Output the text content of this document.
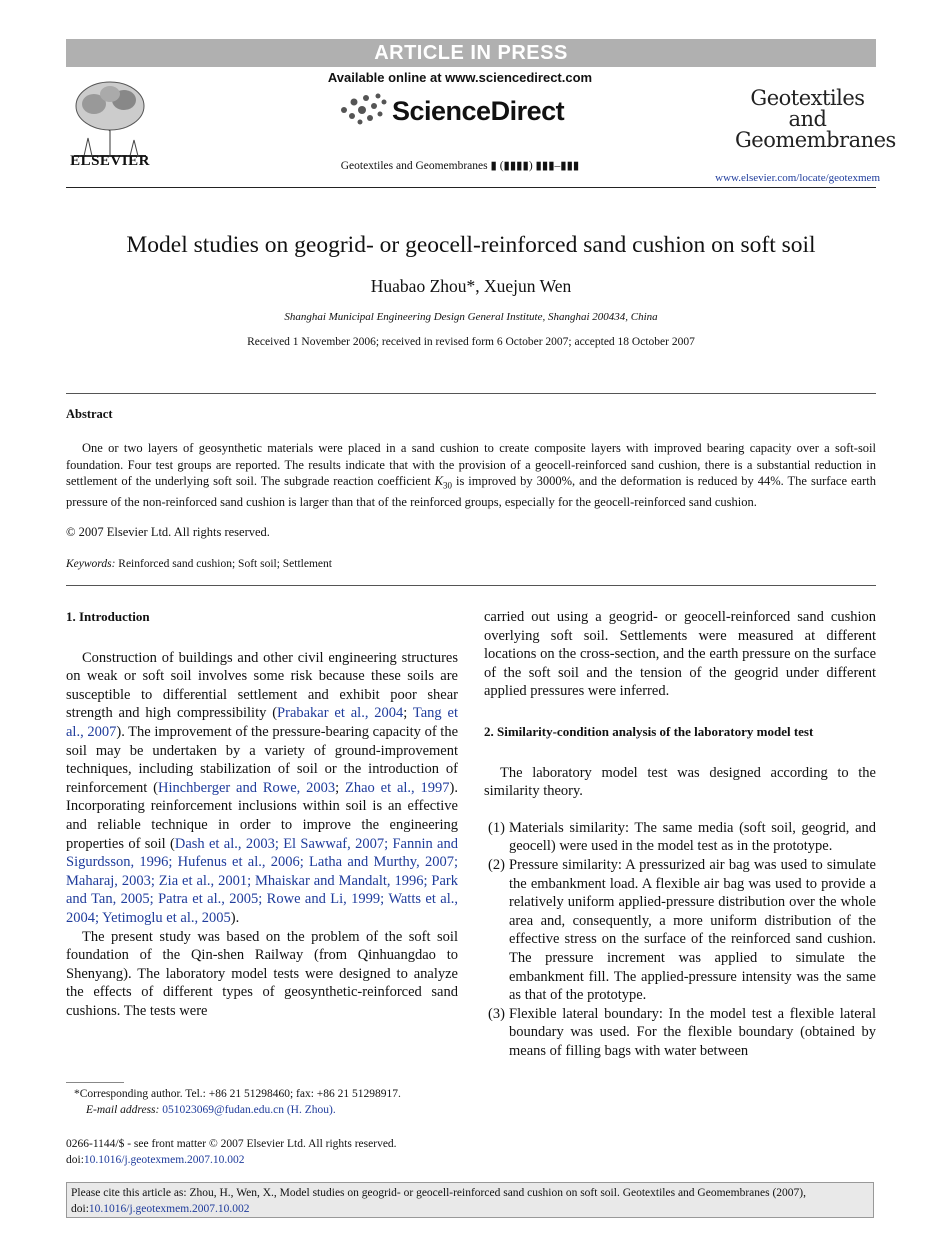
ARTICLE IN PRESS
ELSEVIER
Available online at www.sciencedirect.com
ScienceDirect
Geotextiles and Geomembranes ▮ (▮▮▮▮) ▮▮▮–▮▮▮
Geotextiles
and
Geomembranes
www.elsevier.com/locate/geotexmem
Model studies on geogrid- or geocell-reinforced sand cushion on soft soil
Huabao Zhou*, Xuejun Wen
Shanghai Municipal Engineering Design General Institute, Shanghai 200434, China
Received 1 November 2006; received in revised form 6 October 2007; accepted 18 October 2007
Abstract
One or two layers of geosynthetic materials were placed in a sand cushion to create composite layers with improved bearing capacity over a soft-soil foundation. Four test groups are reported. The results indicate that with the provision of a geocell-reinforced sand cushion, there is a substantial reduction in settlement of the underlying soft soil. The subgrade reaction coefficient $K_{30}$ is improved by 3000%, and the deformation is reduced by 44%. The surface earth pressure of the non-reinforced sand cushion is larger than that of the reinforced groups, especially for the geocell-reinforced sand cushion.
© 2007 Elsevier Ltd. All rights reserved.
Keywords: Reinforced sand cushion; Soft soil; Settlement
1. Introduction

Construction of buildings and other civil engineering structures on weak or soft soil involves some risk because these soils are susceptible to differential settlement and exhibit poor shear strength and high compressibility (Prabakar et al., 2004; Tang et al., 2007). The improvement of the pressure-bearing capacity of the soil may be undertaken by a variety of ground-improvement techniques, including stabilization of soil or the introduction of reinforcement (Hinchberger and Rowe, 2003; Zhao et al., 1997). Incorporating reinforcement inclusions within soil is an effective and reliable technique in order to improve the engineering properties of soil (Dash et al., 2003; El Sawwaf, 2007; Fannin and Sigurdsson, 1996; Hufenus et al., 2006; Latha and Murthy, 2007; Maharaj, 2003; Zia et al., 2001; Mhaiskar and Mandalt, 1996; Park and Tan, 2005; Patra et al., 2005; Rowe and Li, 1999; Watts et al., 2004; Yetimoglu et al., 2005).

The present study was based on the problem of the soft soil foundation of the Qin-shen Railway (from Qinhuangdao to Shenyang). The laboratory model tests were designed to analyze the effects of different types of geosynthetic-reinforced sand cushions. The tests were

carried out using a geogrid- or geocell-reinforced sand cushion overlying soft soil. Settlements were measured at different locations on the cross-section, and the earth pressure on the surface of the soft soil and the tension of the geogrid under different applied pressures were inferred.

2. Similarity-condition analysis of the laboratory model test

The laboratory model test was designed according to the similarity theory.

(1) Materials similarity: The same media (soft soil, geogrid, and geocell) were used in the model test as in the prototype.
(2) Pressure similarity: A pressurized air bag was used to simulate the embankment load. A flexible air bag was used to provide a relatively uniform applied-pressure distribution over the whole area and, consequently, a more uniform distribution of the effective stress on the surface of the reinforced sand cushion. The pressure increment was applied to simulate the embankment fill. The applied-pressure intensity was the same as that of the prototype.
(3) Flexible lateral boundary: In the model test a flexible lateral boundary was used. For the flexible boundary (obtained by means of filling bags with water between
*Corresponding author. Tel.: +86 21 51298460; fax: +86 21 51298917.
E-mail address: 051023069@fudan.edu.cn (H. Zhou).
0266-1144/$ - see front matter © 2007 Elsevier Ltd. All rights reserved.
doi:10.1016/j.geotexmem.2007.10.002
Please cite this article as: Zhou, H., Wen, X., Model studies on geogrid- or geocell-reinforced sand cushion on soft soil. Geotextiles and Geomembranes (2007), doi:10.1016/j.geotexmem.2007.10.002
